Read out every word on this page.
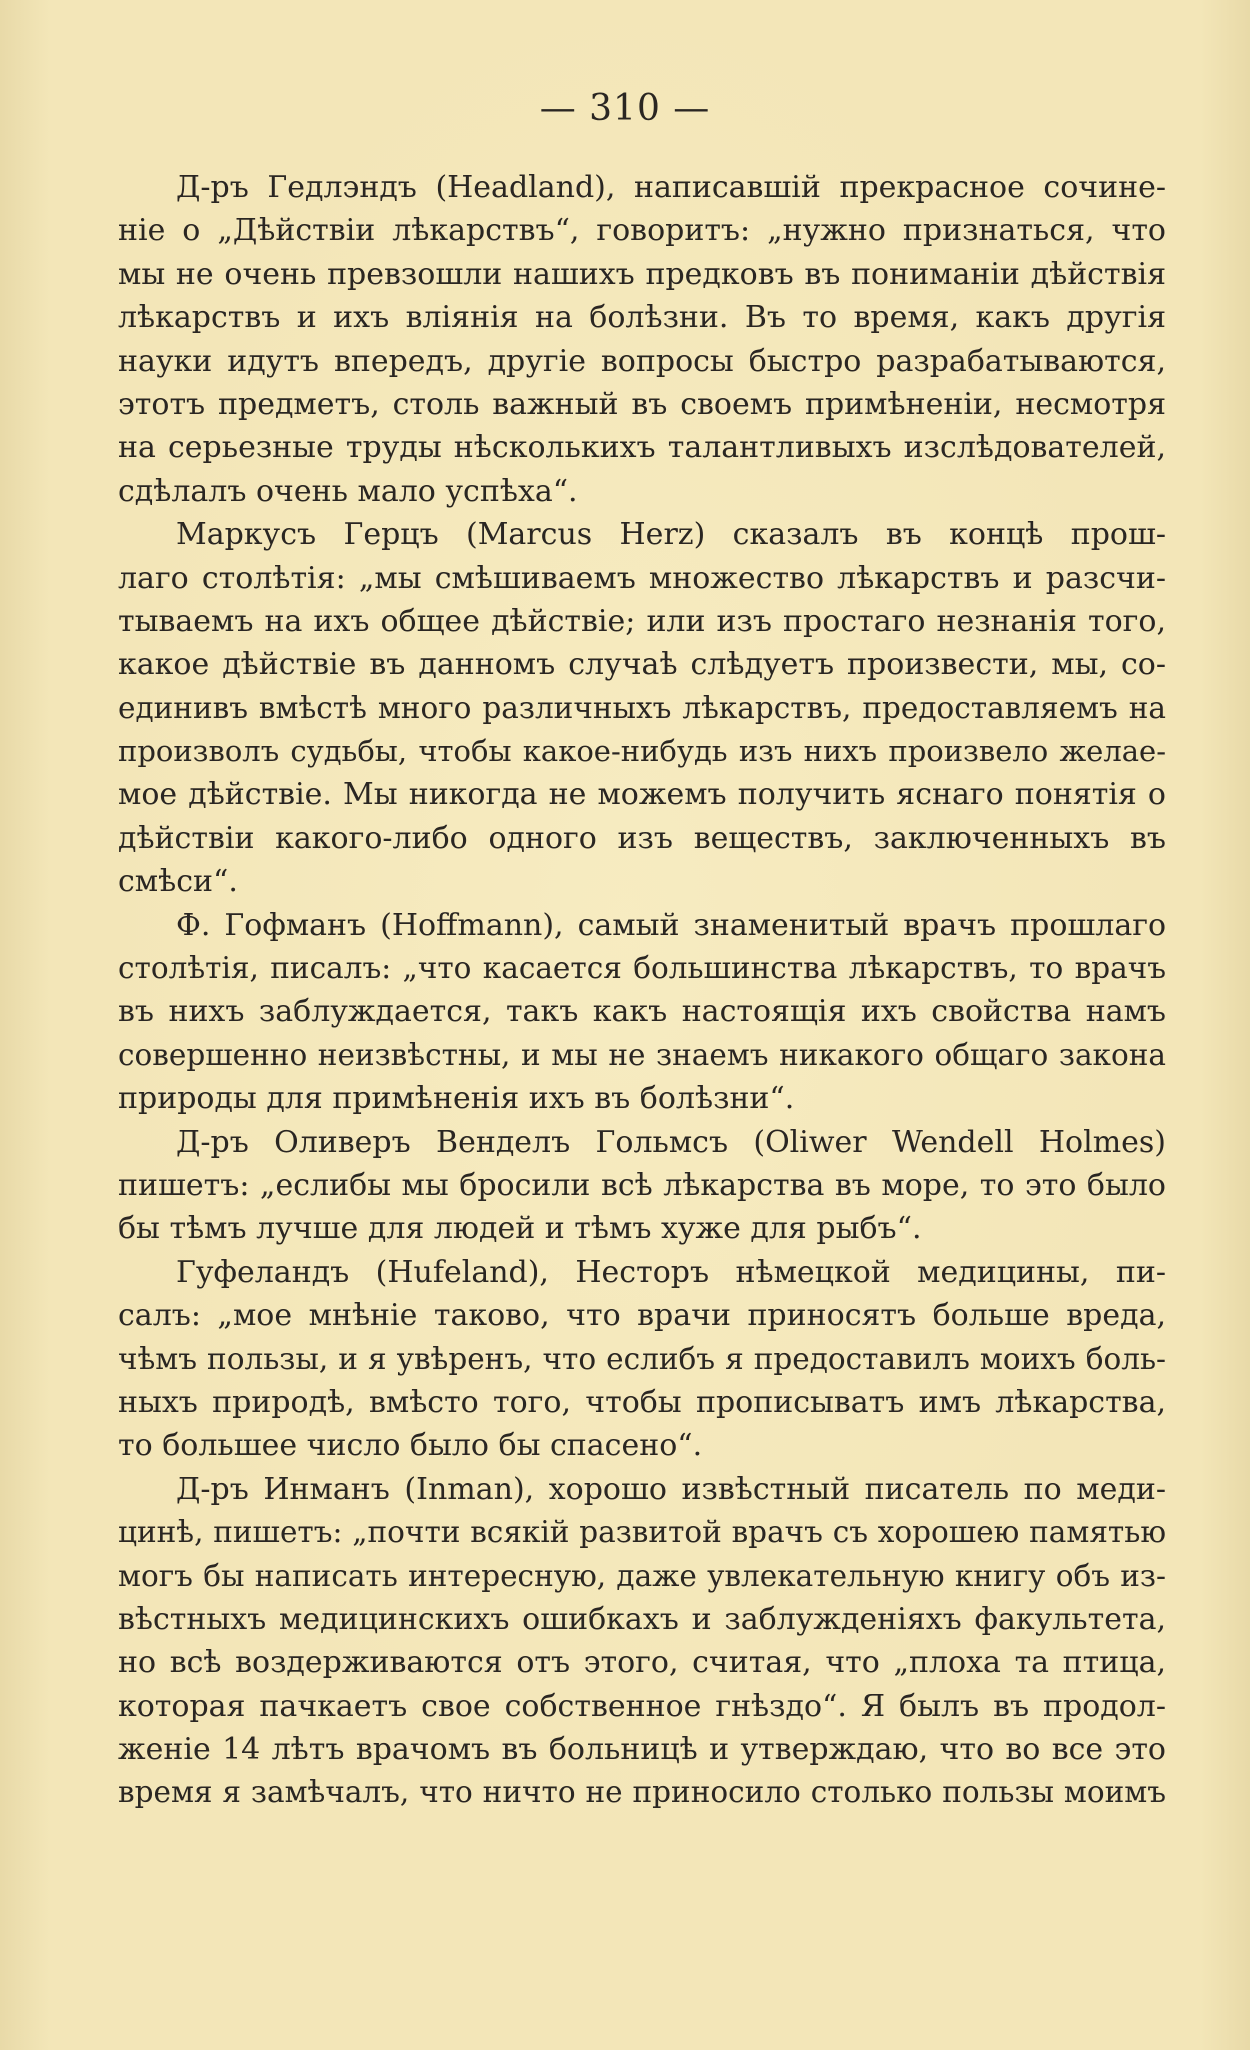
— 310 —
Д-ръ Гедлэндъ (Headland), написавшій прекрасное сочине-
ніе о „Дѣйствіи лѣкарствъ“, говоритъ: „нужно признаться, что
мы не очень превзошли нашихъ предковъ въ пониманіи дѣйствія
лѣкарствъ и ихъ вліянія на болѣзни. Въ то время, какъ другія
науки идутъ впередъ, другіе вопросы быстро разрабатываются,
этотъ предметъ, столь важный въ своемъ примѣненіи, несмотря
на серьезные труды нѣсколькихъ талантливыхъ изслѣдователей,
сдѣлалъ очень мало успѣха“.
Маркусъ Герцъ (Marcus Herz) сказалъ въ концѣ прош-
лаго столѣтія: „мы смѣшиваемъ множество лѣкарствъ и разсчи-
тываемъ на ихъ общее дѣйствіе; или изъ простаго незнанія того,
какое дѣйствіе въ данномъ случаѣ слѣдуетъ произвести, мы, со-
единивъ вмѣстѣ много различныхъ лѣкарствъ, предоставляемъ на
произволъ судьбы, чтобы какое-нибудь изъ нихъ произвело желае-
мое дѣйствіе. Мы никогда не можемъ получить яснаго понятія о
дѣйствіи какого-либо одного изъ веществъ, заключенныхъ въ
смѣси“.
Ф. Гофманъ (Hoffmann), самый знаменитый врачъ прошлаго
столѣтія, писалъ: „что касается большинства лѣкарствъ, то врачъ
въ нихъ заблуждается, такъ какъ настоящія ихъ свойства намъ
совершенно неизвѣстны, и мы не знаемъ никакого общаго закона
природы для примѣненія ихъ въ болѣзни“.
Д-ръ Оливеръ Венделъ Гольмсъ (Oliwer Wendell Holmes)
пишетъ: „еслибы мы бросили всѣ лѣкарства въ море, то это было
бы тѣмъ лучше для людей и тѣмъ хуже для рыбъ“.
Гуфеландъ (Hufeland), Несторъ нѣмецкой медицины, пи-
салъ: „мое мнѣніе таково, что врачи приносятъ больше вреда,
чѣмъ пользы, и я увѣренъ, что еслибъ я предоставилъ моихъ боль-
ныхъ природѣ, вмѣсто того, чтобы прописыватъ имъ лѣкарства,
то большее число было бы спасено“.
Д-ръ Инманъ (Inman), хорошо извѣстный писатель по меди-
цинѣ, пишетъ: „почти всякій развитой врачъ съ хорошею памятью
могъ бы написать интересную, даже увлекательную книгу объ из-
вѣстныхъ медицинскихъ ошибкахъ и заблужденіяхъ факультета,
но всѣ воздерживаются отъ этого, считая, что „плоха та птица,
которая пачкаетъ свое собственное гнѣздо“. Я былъ въ продол-
женіе 14 лѣтъ врачомъ въ больницѣ и утверждаю, что во все это
время я замѣчалъ, что ничто не приносило столько пользы моимъ
